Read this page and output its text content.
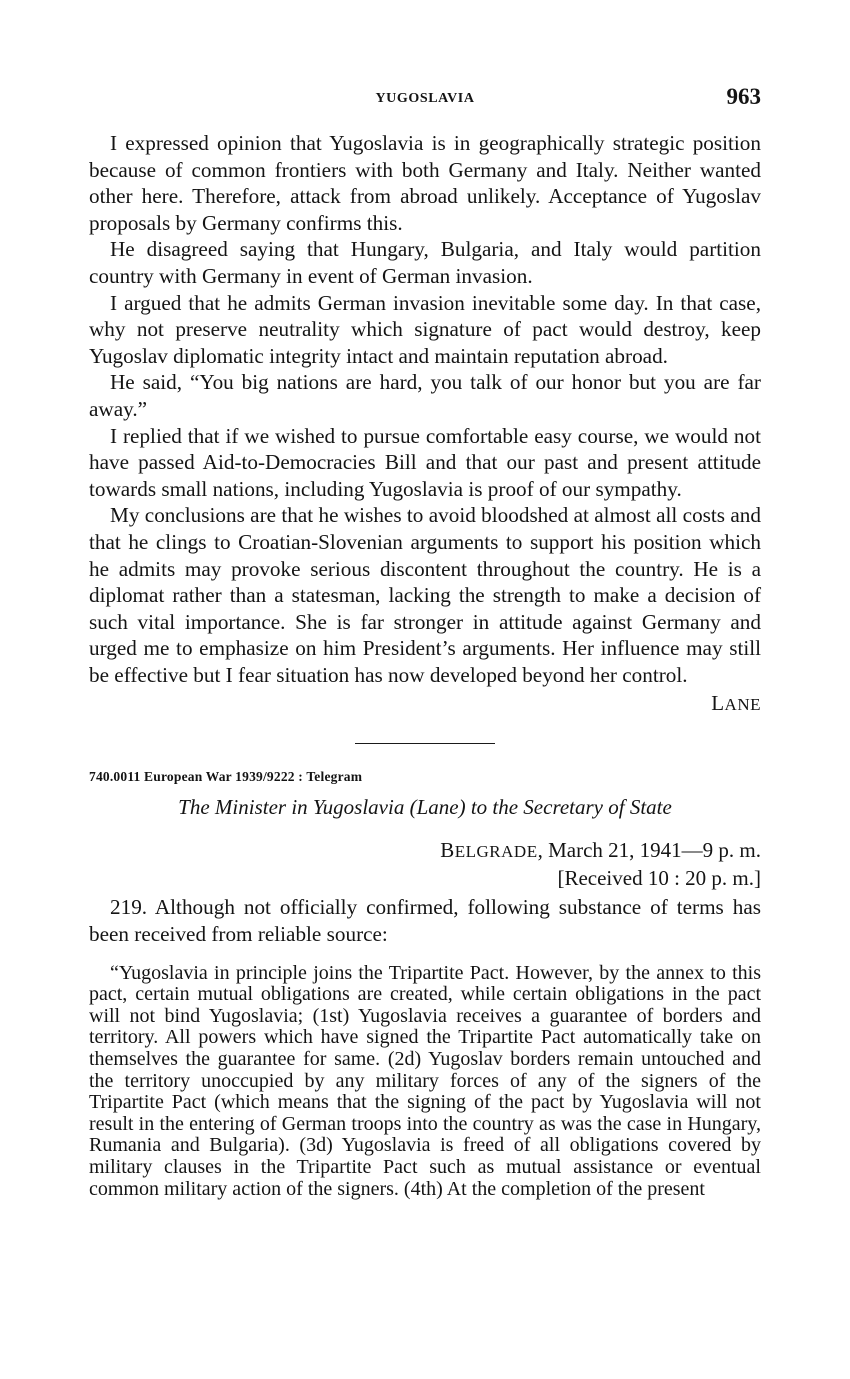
YUGOSLAVIA	963

I expressed opinion that Yugoslavia is in geographically strategic position because of common frontiers with both Germany and Italy. Neither wanted other here. Therefore, attack from abroad unlikely. Acceptance of Yugoslav proposals by Germany confirms this.

He disagreed saying that Hungary, Bulgaria, and Italy would partition country with Germany in event of German invasion.

I argued that he admits German invasion inevitable some day. In that case, why not preserve neutrality which signature of pact would destroy, keep Yugoslav diplomatic integrity intact and maintain reputation abroad.

He said, “You big nations are hard, you talk of our honor but you are far away.”

I replied that if we wished to pursue comfortable easy course, we would not have passed Aid-to-Democracies Bill and that our past and present attitude towards small nations, including Yugoslavia is proof of our sympathy.

My conclusions are that he wishes to avoid bloodshed at almost all costs and that he clings to Croatian-Slovenian arguments to support his position which he admits may provoke serious discontent throughout the country. He is a diplomat rather than a statesman, lacking the strength to make a decision of such vital importance. She is far stronger in attitude against Germany and urged me to emphasize on him President’s arguments. Her influence may still be effective but I fear situation has now developed beyond her control.

LANE
740.0011 European War 1939/9222 : Telegram
The Minister in Yugoslavia (Lane) to the Secretary of State
BELGRADE, March 21, 1941—9 p. m.
[Received 10 : 20 p. m.]

219. Although not officially confirmed, following substance of terms has been received from reliable source:

“Yugoslavia in principle joins the Tripartite Pact. However, by the annex to this pact, certain mutual obligations are created, while certain obligations in the pact will not bind Yugoslavia; (1st) Yugoslavia receives a guarantee of borders and territory. All powers which have signed the Tripartite Pact automatically take on themselves the guarantee for same. (2d) Yugoslav borders remain untouched and the territory unoccupied by any military forces of any of the signers of the Tripartite Pact (which means that the signing of the pact by Yugoslavia will not result in the entering of German troops into the country as was the case in Hungary, Rumania and Bulgaria). (3d) Yugoslavia is freed of all obligations covered by military clauses in the Tripartite Pact such as mutual assistance or eventual common military action of the signers. (4th) At the completion of the present
